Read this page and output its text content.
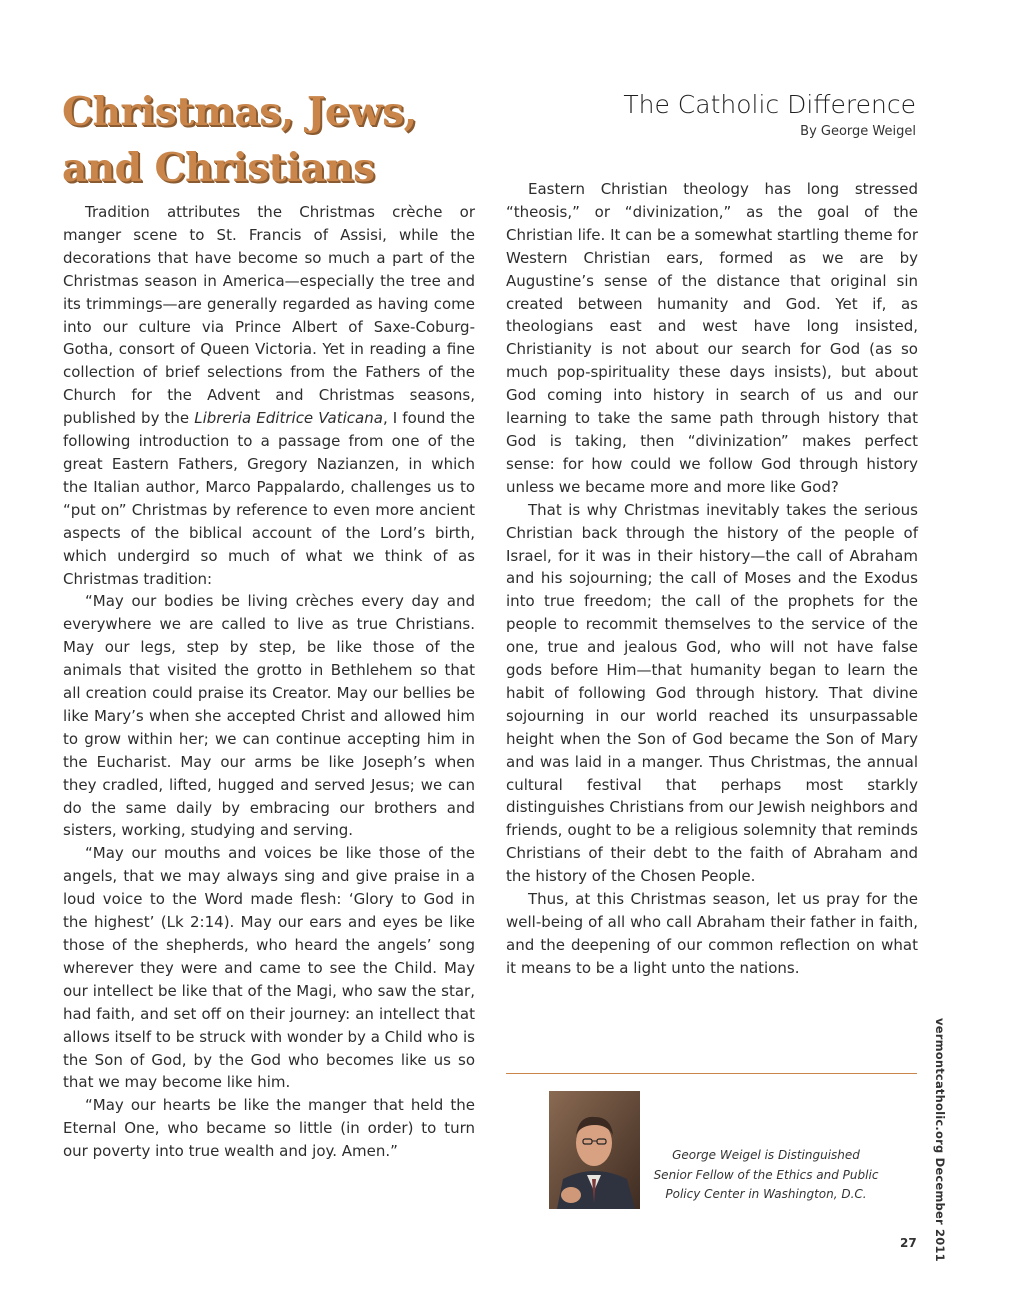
Christmas, Jews,
and Christians
The Catholic Difference
By George Weigel

Tradition attributes the Christmas crèche or manger scene to St. Francis of Assisi, while the decorations that have become so much a part of the Christmas season in America—especially the tree and its trimmings—are generally regarded as having come into our culture via Prince Albert of Saxe-Coburg-Gotha, consort of Queen Victoria. Yet in reading a fine collection of brief selections from the Fathers of the Church for the Advent and Christmas seasons, published by the Libreria Editrice Vaticana, I found the following introduction to a passage from one of the great Eastern Fathers, Gregory Nazianzen, in which the Italian author, Marco Pappalardo, challenges us to “put on” Christmas by reference to even more ancient aspects of the biblical account of the Lord’s birth, which undergird so much of what we think of as Christmas tradition:

“May our bodies be living crèches every day and everywhere we are called to live as true Christians. May our legs, step by step, be like those of the animals that visited the grotto in Bethlehem so that all creation could praise its Creator. May our bellies be like Mary’s when she accepted Christ and allowed him to grow within her; we can continue accepting him in the Eucharist. May our arms be like Joseph’s when they cradled, lifted, hugged and served Jesus; we can do the same daily by embracing our brothers and sisters, working, studying and serving.

“May our mouths and voices be like those of the angels, that we may always sing and give praise in a loud voice to the Word made flesh: ‘Glory to God in the highest’ (Lk 2:14). May our ears and eyes be like those of the shepherds, who heard the angels’ song wherever they were and came to see the Child. May our intellect be like that of the Magi, who saw the star, had faith, and set off on their journey: an intellect that allows itself to be struck with wonder by a Child who is the Son of God, by the God who becomes like us so that we may become like him.

“May our hearts be like the manger that held the Eternal One, who became so little (in order) to turn our poverty into true wealth and joy. Amen.”

Eastern Christian theology has long stressed “theosis,” or “divinization,” as the goal of the Christian life. It can be a somewhat startling theme for Western Christian ears, formed as we are by Augustine’s sense of the distance that original sin created between humanity and God. Yet if, as theologians east and west have long insisted, Christianity is not about our search for God (as so much pop-spirituality these days insists), but about God coming into history in search of us and our learning to take the same path through history that God is taking, then “divinization” makes perfect sense: for how could we follow God through history unless we became more and more like God?

That is why Christmas inevitably takes the serious Christian back through the history of the people of Israel, for it was in their history—the call of Abraham and his sojourning; the call of Moses and the Exodus into true freedom; the call of the prophets for the people to recommit themselves to the service of the one, true and jealous God, who will not have false gods before Him—that humanity began to learn the habit of following God through history. That divine sojourning in our world reached its unsurpassable height when the Son of God became the Son of Mary and was laid in a manger. Thus Christmas, the annual cultural festival that perhaps most starkly distinguishes Christians from our Jewish neighbors and friends, ought to be a religious solemnity that reminds Christians of their debt to the faith of Abraham and the history of the Chosen People.

Thus, at this Christmas season, let us pray for the well-being of all who call Abraham their father in faith, and the deepening of our common reflection on what it means to be a light unto the nations.

George Weigel is Distinguished
Senior Fellow of the Ethics and Public
Policy Center in Washington, D.C.	vermontcatholic.org December 2011
27
